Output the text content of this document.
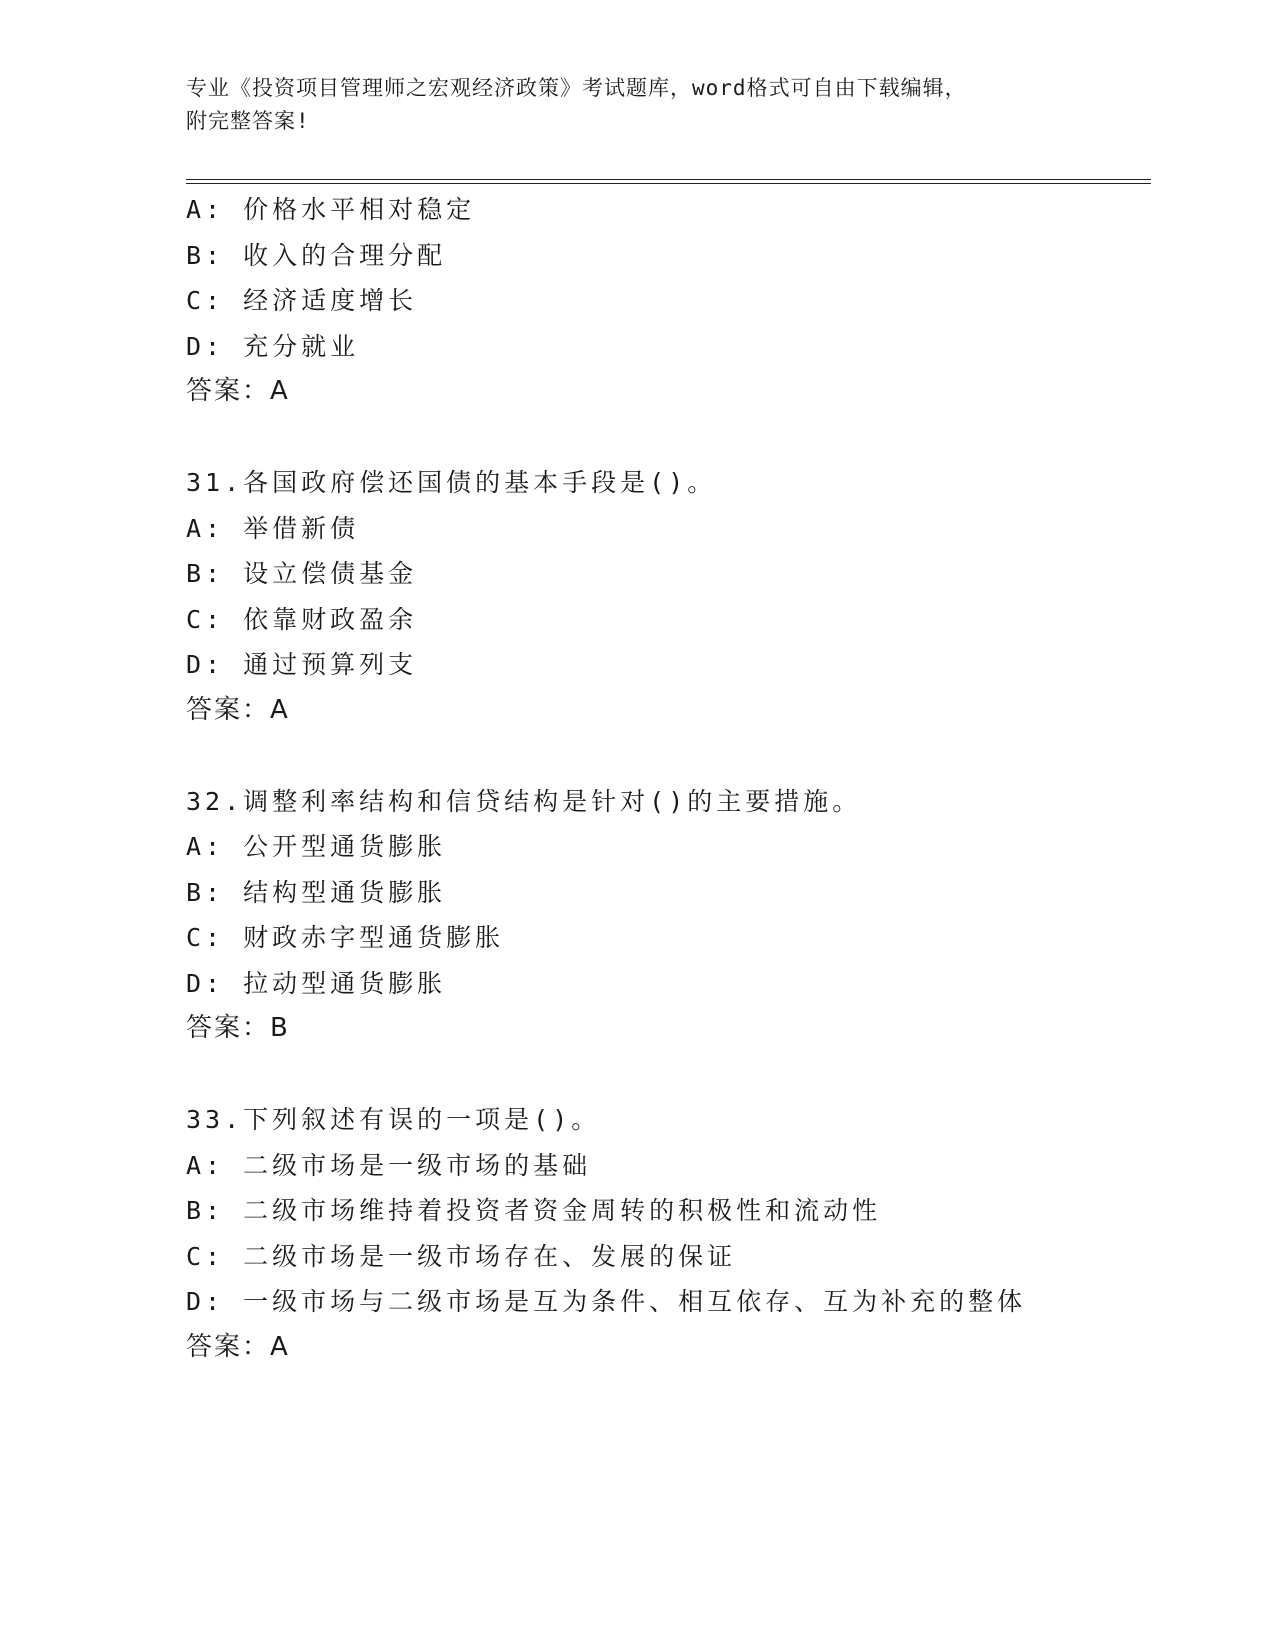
专业《投资项目管理师之宏观经济政策》考试题库，word格式可自由下载编辑，
附完整答案!
A: 价格水平相对稳定
B: 收入的合理分配
C: 经济适度增长
D: 充分就业
答案：A
31.各国政府偿还国债的基本手段是()。
A: 举借新债
B: 设立偿债基金
C: 依靠财政盈余
D: 通过预算列支
答案：A
32.调整利率结构和信贷结构是针对()的主要措施。
A: 公开型通货膨胀
B: 结构型通货膨胀
C: 财政赤字型通货膨胀
D: 拉动型通货膨胀
答案：B
33.下列叙述有误的一项是()。
A: 二级市场是一级市场的基础
B: 二级市场维持着投资者资金周转的积极性和流动性
C: 二级市场是一级市场存在、发展的保证
D: 一级市场与二级市场是互为条件、相互依存、互为补充的整体
答案：A
